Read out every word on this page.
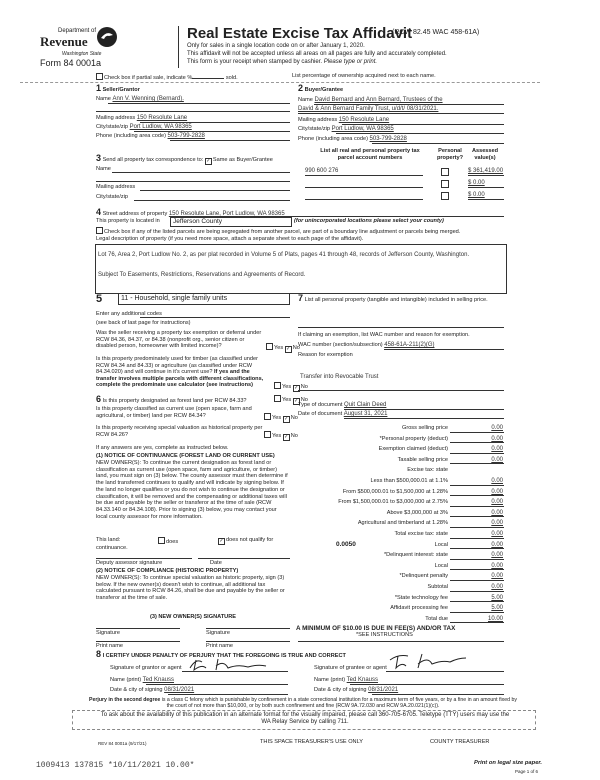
Department of
Revenue
Washington State
Form 84 0001a
Real Estate Excise Tax Affidavit
(RCW 82.45 WAC 458-61A)
Only for sales in a single location code on or after January 1, 2020.
This affidavit will not be accepted unless all areas on all pages are fully and accurately completed.
This form is your receipt when stamped by cashier. Please type or print.
Check box if partial sale, indicate %	sold.	List percentage of ownership acquired next to each name.
1 Seller/Grantor
Name Ann V. Wenning (Bernard).
Mailing address 150 Resolute Lane
City/state/zip Port Ludlow, WA 98365
Phone (including area code) 503-799-2828
2 Buyer/Grantee
Name David Bernard and Ann Bernard, Trustees of the
David & Ann Bernard Family Trust, u/d/t/ 08/31/2021.
Mailing address 150 Resolute Lane
City/state/zip Port Ludlow, WA 98365
Phone (including area code) 503-799-2828
3 Send all property tax correspondence to: ✓ Same as Buyer/Grantee
Name
Mailing address
City/state/zip
List all real and personal property tax
parcel account numbers
Personal
property?
Assessed
value(s)
990 600 276	$ 361,419.00
$ 0.00
$ 0.00
4 Street address of property 150 Resolute Lane, Port Ludlow, WA 98365
This property is located in	Jefferson County	(for unincorporated locations please select your county)
Check box if any of the listed parcels are being segregated from another parcel, are part of a boundary line adjustment or parcels being merged.
Legal description of property (if you need more space, attach a separate sheet to each page of the affidavit).
Lot 76, Area 2, Port Ludlow No. 2, as per plat recorded in Volume 5 of Plats, pages 41 through 48, records of Jefferson County, Washington.
Subject To Easements, Restrictions, Reservations and Agreements of Record.
5	11 - Household, single family units
Enter any additional codes
(see back of last page for instructions)
Was the seller receiving a property tax exemption or deferral under RCW 84.36, 84.37, or 84.38 (nonprofit org., senior citizen or disabled person, homeowner with limited income)?	Yes ✓ No
Is this property predominately used for timber (as classified under RCW 84.34 and 84.33) or agriculture (as classified under RCW 84.34.020) and will continue in it's current use? If yes and the transfer involves multiple parcels with different classifications, complete the predominate use calculator (see instructions)	Yes ✓ No
6 Is this property designated as forest land per RCW 84.33?	Yes ✓ No
Is this property classified as current use (open space, farm and agricultural, or timber) land per RCW 84.34?	Yes ✓ No
Is this property receiving special valuation as historical property per RCW 84.26?	Yes ✓ No
If any answers are yes, complete as instructed below.
(1) NOTICE OF CONTINUANCE (FOREST LAND OR CURRENT USE)
NEW OWNER(S): To continue the current designation as forest land or classification as current use (open space, farm and agriculture, or timber) land, you must sign on (3) below. The county assessor must then determine if the land transferred continues to qualify and will indicate by signing below. If the land no longer qualifies or you do not wish to continue the designation or classification, it will be removed and the compensating or additional taxes will be due and payable by the seller or transferor at the time of sale (RCW 84.33.140 or 84.34.108). Prior to signing (3) below, you may contact your local county assessor for more information.
This land:	does	✓ does not qualify for
continuance.
Deputy assessor signature	Date
(2) NOTICE OF COMPLIANCE (HISTORIC PROPERTY)
NEW OWNER(S): To continue special valuation as historic property, sign (3) below. If the new owner(s) doesn't wish to continue, all additional tax calculated pursuant to RCW 84.26, shall be due and payable by the seller or transferor at the time of sale.
(3) NEW OWNER(S) SIGNATURE
Signature	Signature
Print name	Print name
7 List all personal property (tangible and intangible) included in selling price.
If claiming an exemption, list WAC number and reason for exemption.
WAC number (section/subsection) 458-61A-211(2)(G)
Reason for exemption
Transfer into Revocable Trust
Type of document Quit Clain Deed
Date of document August 31, 2021
Gross selling price	0.00
*Personal property (deduct)	0.00
Exemption claimed (deduct)	0.00
Taxable selling price	0.00
Excise tax: state
Less than $500,000.01 at 1.1%	0.00
From $500,000.01 to $1,500,000 at 1.28%	0.00
From $1,500,000.01 to $3,000,000 at 2.75%	0.00
Above $3,000,000 at 3%	0.00
Agricultural and timberland at 1.28%	0.00
Total excise tax: state	0.00
Local	0.00
*Delinquent interest: state	0.00
Local	0.00
*Delinquent penalty	0.00
Subtotal	0.00
*State technology fee	5.00
Affidavit processing fee	5.00
Total due	10.00
0.0050
A MINIMUM OF $10.00 IS DUE IN FEE(S) AND/OR TAX
*SEE INSTRUCTIONS
8 I CERTIFY UNDER PENALTY OF PERJURY THAT THE FOREGOING IS TRUE AND CORRECT
Signature of grantor or agent
Name (print) Ted Knauss
Date & city of signing 08/31/2021
Signature of grantee or agent
Name (print) Ted Knauss
Date & city of signing 08/31/2021
Perjury in the second degree is a class C felony which is punishable by confinement in a state correctional institution for a maximum term of five years, or by a fine in an amount fixed by the court of not more than $10,000, or by both such confinement and fine (RCW 9A.72.030 and RCW 9A.20.021(1)(c)).
To ask about the availability of this publication in an alternate format for the visually impaired, please call 360-705-6705. Teletype (TTY) users may use the WA Relay Service by calling 711.
REV 84 0001a (9/17/21)	THIS SPACE TREASURER'S USE ONLY	COUNTY TREASURER
1009413 137815 *10/11/2021 10.00*	Print on legal size paper.
Page 1 of 6
